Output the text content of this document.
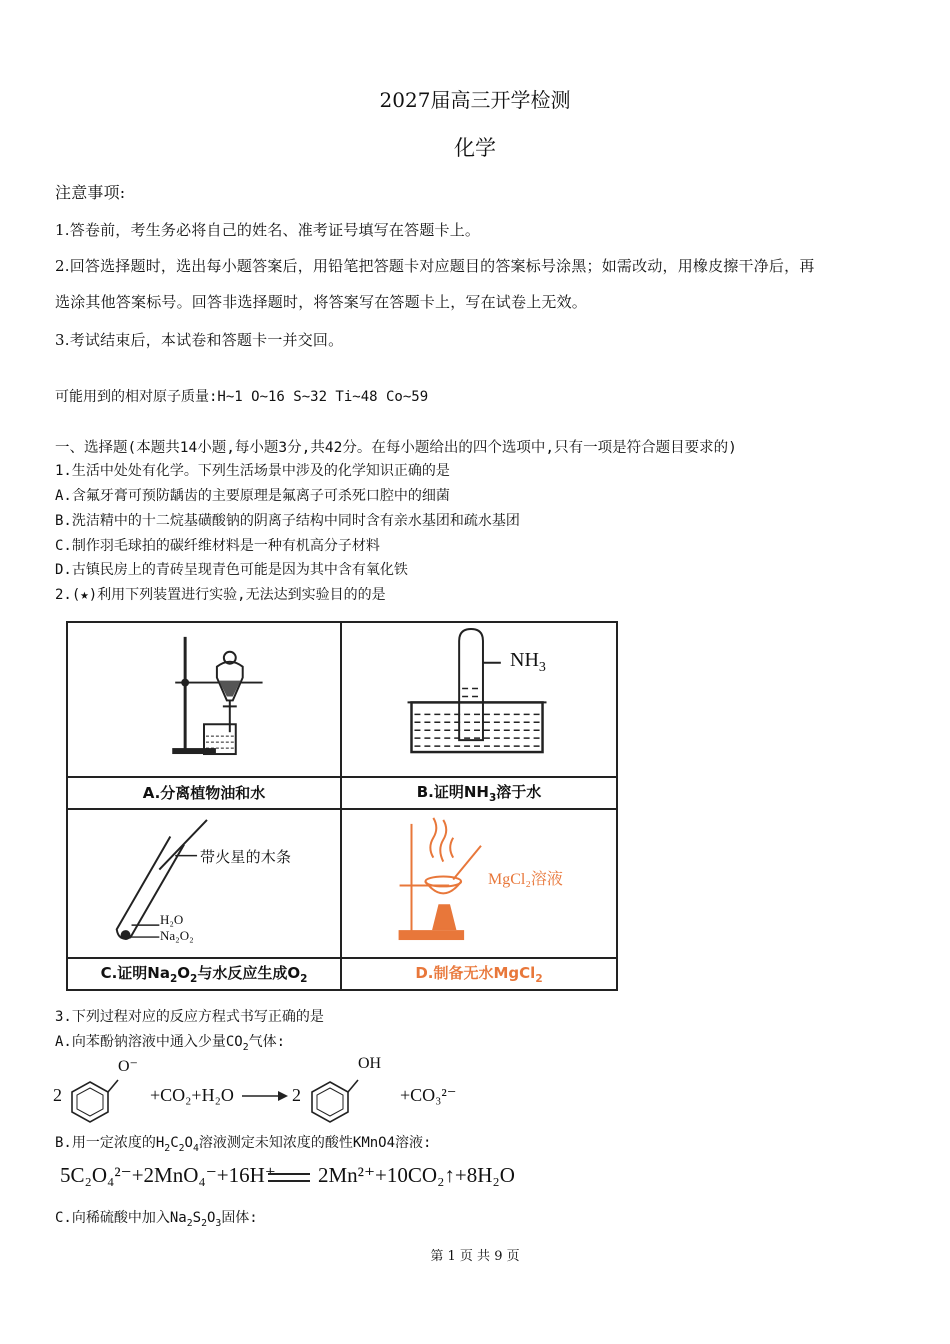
2027届高三开学检测
化学
注意事项:
1.答卷前，考生务必将自己的姓名、准考证号填写在答题卡上。
2.回答选择题时，选出每小题答案后，用铅笔把答题卡对应题目的答案标号涂黑；如需改动，用橡皮擦干净后，再
选涂其他答案标号。回答非选择题时，将答案写在答题卡上，写在试卷上无效。
3.考试结束后，本试卷和答题卡一并交回。
可能用到的相对原子质量:H~1 O~16 S~32 Ti~48 Co~59
一、选择题(本题共14小题,每小题3分,共42分。在每小题给出的四个选项中,只有一项是符合题目要求的)
1.生活中处处有化学。下列生活场景中涉及的化学知识正确的是
A.含氟牙膏可预防龋齿的主要原理是氟离子可杀死口腔中的细菌
B.洗洁精中的十二烷基磺酸钠的阴离子结构中同时含有亲水基团和疏水基团
C.制作羽毛球拍的碳纤维材料是一种有机高分子材料
D.古镇民房上的青砖呈现青色可能是因为其中含有氧化铁
2.(★)利用下列装置进行实验,无法达到实验目的的是

$NH_3$

A.分离植物油和水	B.证明$NH_3$溶于水

带火星的木条
H₂O
Na₂O₂	MgCl₂溶液

C.证明$Na_2O_2$与水反应生成$O_2$	D.制备无水MgCl$_2$
3.下列过程对应的反应方程式书写正确的是
A.向苯酚钠溶液中通入少量$CO_2$气体:
2
O⁻
+CO₂+H₂O → 2
OH
+CO₃²⁻
B.用一定浓度的$H_2C_2O_4$溶液测定未知浓度的酸性KMnO4溶液:
5C₂O₄²⁻+2MnO₄⁻+16H⁺ 2Mn²⁺+10CO₂↑+8H₂O
C.向稀硫酸中加入$Na_2S_2O_3$固体:
第 1 页 共 9 页
